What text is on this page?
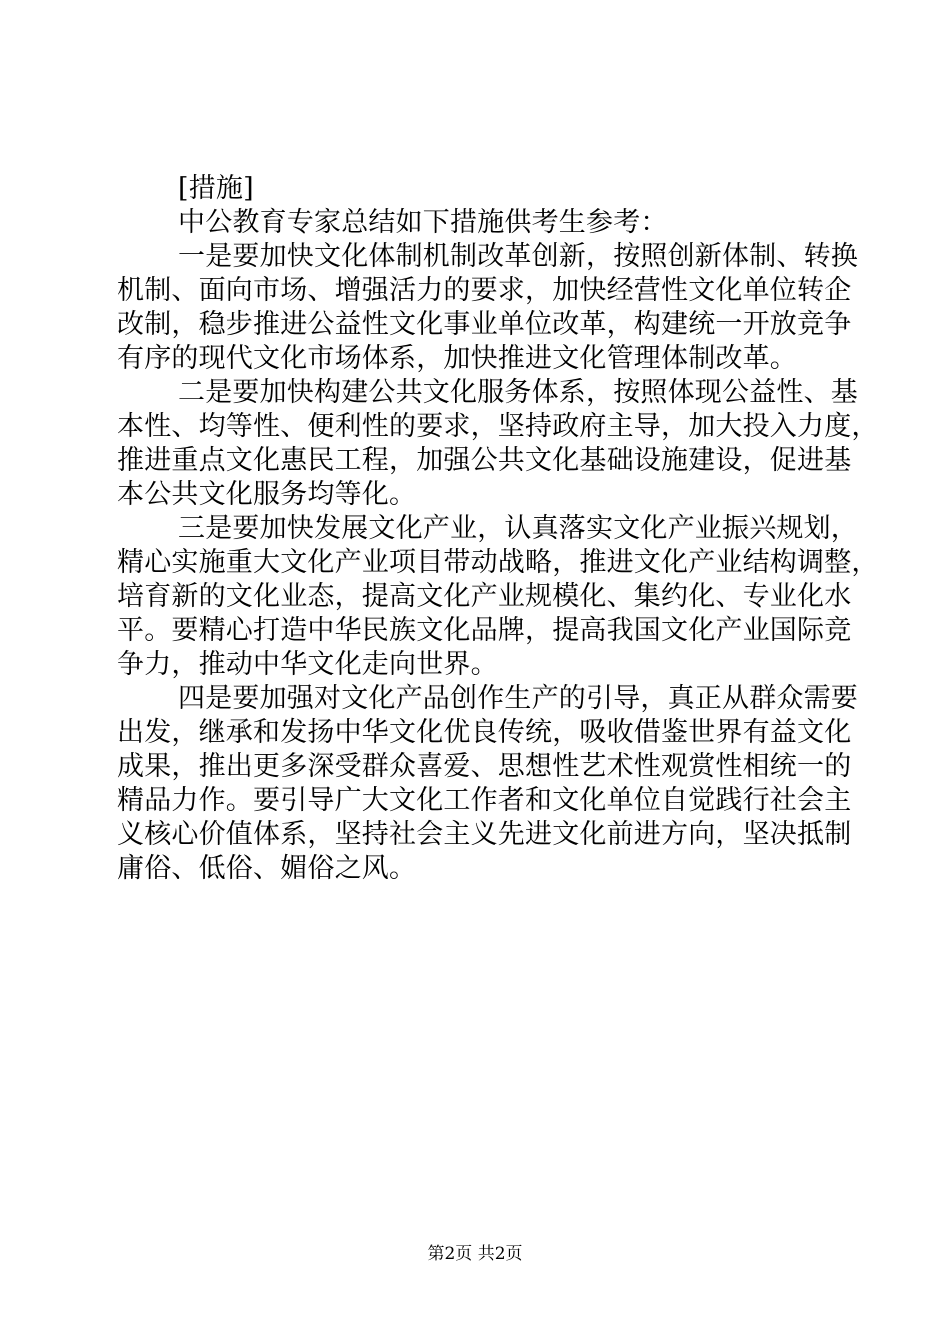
[措施]
中公教育专家总结如下措施供考生参考：
一是要加快文化体制机制改革创新，按照创新体制、转换
机制、面向市场、增强活力的要求，加快经营性文化单位转企
改制，稳步推进公益性文化事业单位改革，构建统一开放竞争
有序的现代文化市场体系，加快推进文化管理体制改革。
二是要加快构建公共文化服务体系，按照体现公益性、基
本性、均等性、便利性的要求，坚持政府主导，加大投入力度，
推进重点文化惠民工程，加强公共文化基础设施建设，促进基
本公共文化服务均等化。
三是要加快发展文化产业，认真落实文化产业振兴规划，
精心实施重大文化产业项目带动战略，推进文化产业结构调整，
培育新的文化业态，提高文化产业规模化、集约化、专业化水
平。要精心打造中华民族文化品牌，提高我国文化产业国际竞
争力，推动中华文化走向世界。
四是要加强对文化产品创作生产的引导，真正从群众需要
出发，继承和发扬中华文化优良传统，吸收借鉴世界有益文化
成果，推出更多深受群众喜爱、思想性艺术性观赏性相统一的
精品力作。要引导广大文化工作者和文化单位自觉践行社会主
义核心价值体系，坚持社会主义先进文化前进方向，坚决抵制
庸俗、低俗、媚俗之风。
第2页 共2页
